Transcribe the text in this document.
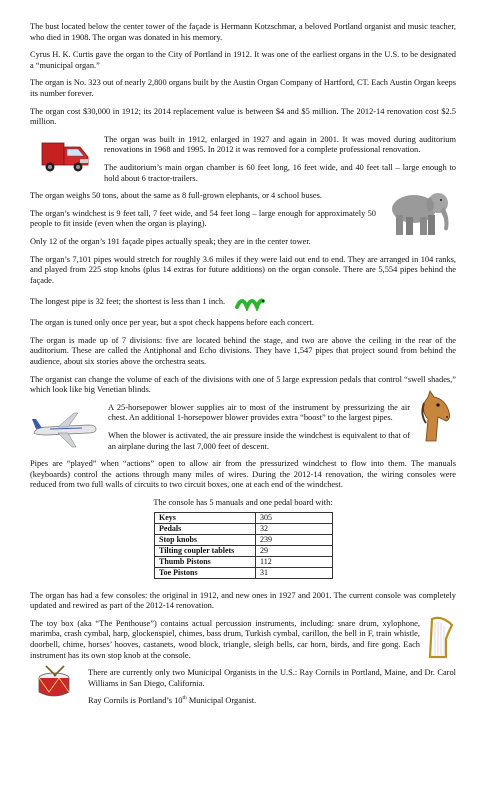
The bust located below the center tower of the façade is Hermann Kotzschmar, a beloved Portland organist and music teacher, who died in 1908. The organ was donated in his memory.

Cyrus H. K. Curtis gave the organ to the City of Portland in 1912. It was one of the earliest organs in the U.S. to be designated a “municipal organ.”

The organ is No. 323 out of nearly 2,800 organs built by the Austin Organ Company of Hartford, CT. Each Austin Organ keeps its number forever.

The organ cost $30,000 in 1912; its 2014 replacement value is between $4 and $5 million. The 2012-14 renovation cost $2.5 million.

The organ was built in 1912, enlarged in 1927 and again in 2001. It was moved during auditorium renovations in 1968 and 1995. In 2012 it was removed for a complete professional renovation.

The auditorium’s main organ chamber is 60 feet long, 16 feet wide, and 40 feet tall – large enough to hold about 6 tractor-trailers.

The organ weighs 50 tons, about the same as 8 full-grown elephants, or 4 school buses.

The organ’s windchest is 9 feet tall, 7 feet wide, and 54 feet long – large enough for approximately 50 people to fit inside (even when the organ is playing).

Only 12 of the organ’s 191 façade pipes actually speak; they are in the center tower.

The organ’s 7,101 pipes would stretch for roughly 3.6 miles if they were laid out end to end. They are arranged in 104 ranks, and played from 225 stop knobs (plus 14 extras for future additions) on the organ console. There are 5,554 pipes behind the façade.

The longest pipe is 32 feet; the shortest is less than 1 inch.

The organ is tuned only once per year, but a spot check happens before each concert.

The organ is made up of 7 divisions: five are located behind the stage, and two are above the ceiling in the rear of the auditorium. These are called the Antiphonal and Echo divisions. They have 1,547 pipes that project sound from behind the audience, about six stories above the orchestra seats.

The organist can change the volume of each of the divisions with one of 5 large expression pedals that control “swell shades,” which look like big Venetian blinds.

A 25-horsepower blower supplies air to most of the instrument by pressurizing the air chest. An additional 1-horsepower blower provides extra “boost” to the largest pipes.

When the blower is activated, the air pressure inside the windchest is equivalent to that of an airplane during the last 7,000 feet of descent.

Pipes are “played” when “actions” open to allow air from the pressurized windchest to flow into them. The manuals (keyboards) control the actions through many miles of wires. During the 2012-14 renovation, the wiring consoles were reduced from two full walls of circuits to two circuit boxes, one at each end of the windchest.

The console has 5 manuals and one pedal board with:

Keys	305
Pedals	32
Stop knobs	239
Tilting coupler tablets	29
Thumb Pistons	112
Toe Pistons	31

The organ has had a few consoles: the original in 1912, and new ones in 1927 and 2001. The current console was completely updated and rewired as part of the 2012-14 renovation.

The toy box (aka “The Penthouse”) contains actual percussion instruments, including: snare drum, xylophone, marimba, crash cymbal, harp, glockenspiel, chimes, bass drum, Turkish cymbal, carillon, the bell in F, train whistle, doorbell, chime, horses’ hooves, castanets, wood block, triangle, sleigh bells, car horn, birds, and fire gong. Each instrument has its own stop knob at the console.

There are currently only two Municipal Organists in the U.S.: Ray Cornils in Portland, Maine, and Dr. Carol Williams in San Diego, California.

Ray Cornils is Portland’s 10th Municipal Organist.
